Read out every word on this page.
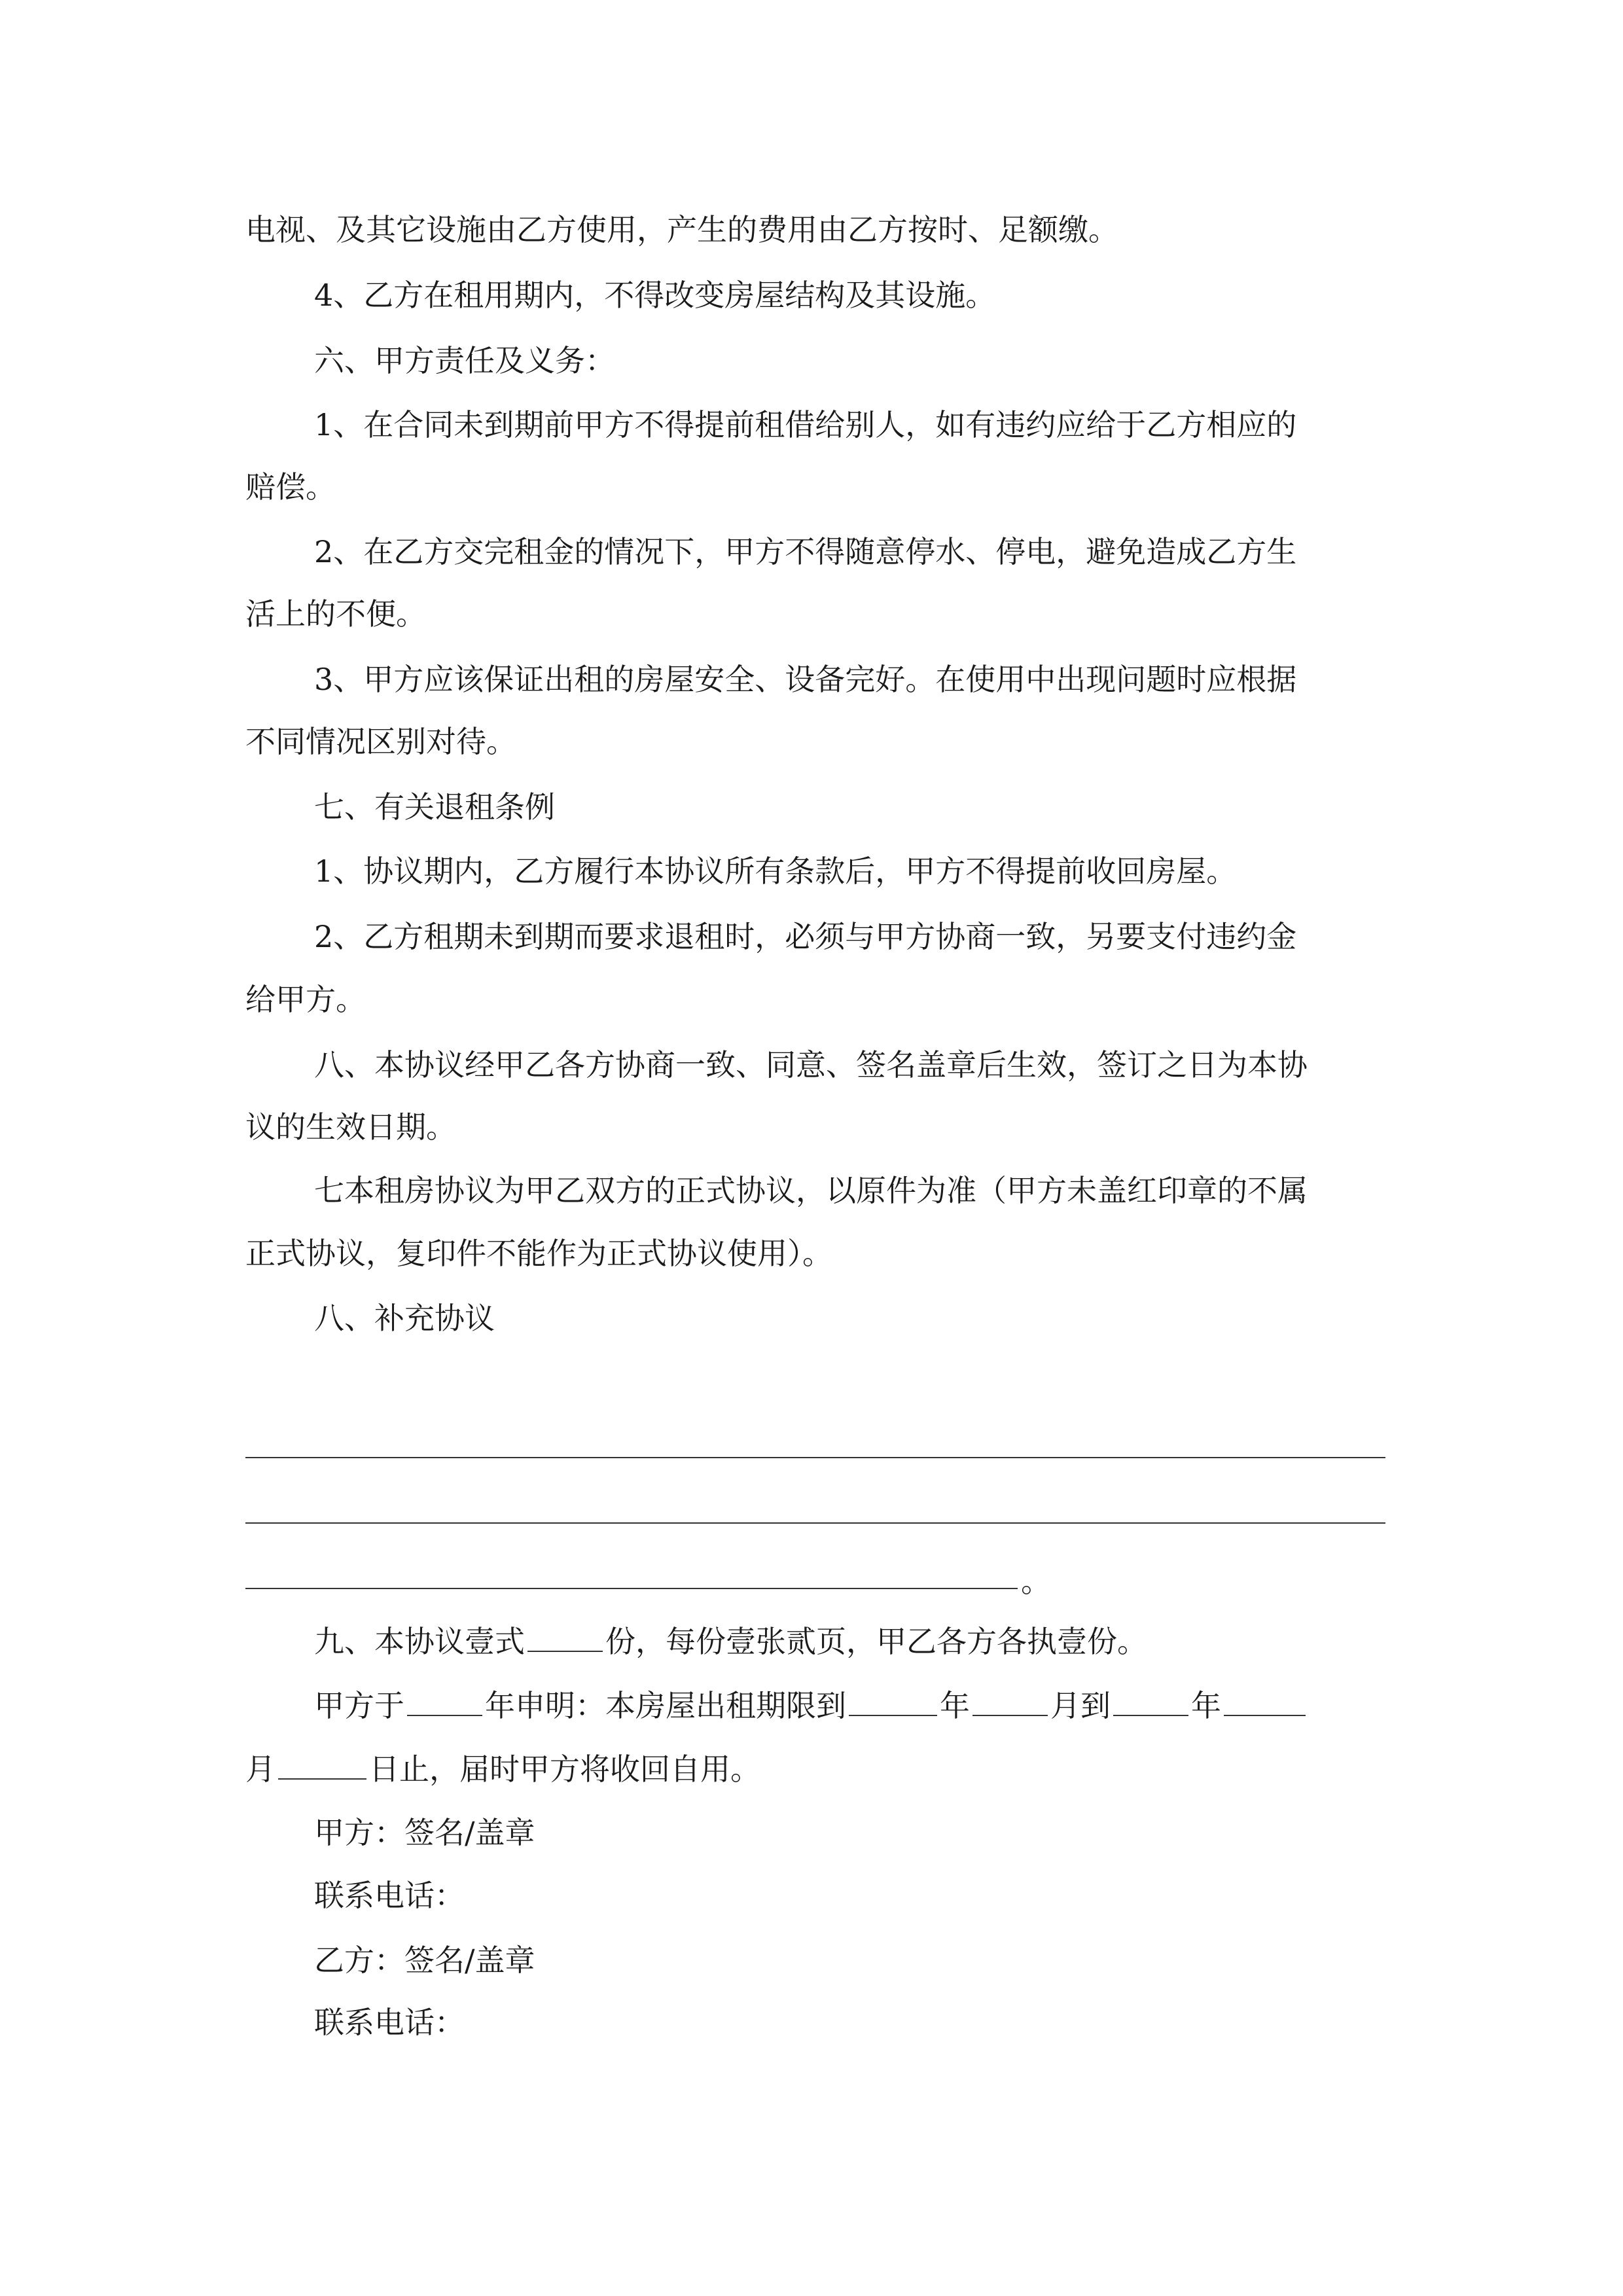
电视、及其它设施由乙方使用，产生的费用由乙方按时、足额缴。
4、乙方在租用期内，不得改变房屋结构及其设施。
六、甲方责任及义务：
1、在合同未到期前甲方不得提前租借给别人，如有违约应给于乙方相应的
赔偿。
2、在乙方交完租金的情况下，甲方不得随意停水、停电，避免造成乙方生
活上的不便。
3、甲方应该保证出租的房屋安全、设备完好。在使用中出现问题时应根据
不同情况区别对待。
七、有关退租条例
1、协议期内，乙方履行本协议所有条款后，甲方不得提前收回房屋。
2、乙方租期未到期而要求退租时，必须与甲方协商一致，另要支付违约金
给甲方。
八、本协议经甲乙各方协商一致、同意、签名盖章后生效，签订之日为本协
议的生效日期。
七本租房协议为甲乙双方的正式协议，以原件为准（甲方未盖红印章的不属
正式协议，复印件不能作为正式协议使用）。
八、补充协议
。
九、本协议壹式	份，每份壹张贰页，甲乙各方各执壹份。
甲方于	年申明：本房屋出租期限到	年	月到	年
月	日止，届时甲方将收回自用。
甲方：签名/盖章
联系电话：
乙方：签名/盖章
联系电话：
